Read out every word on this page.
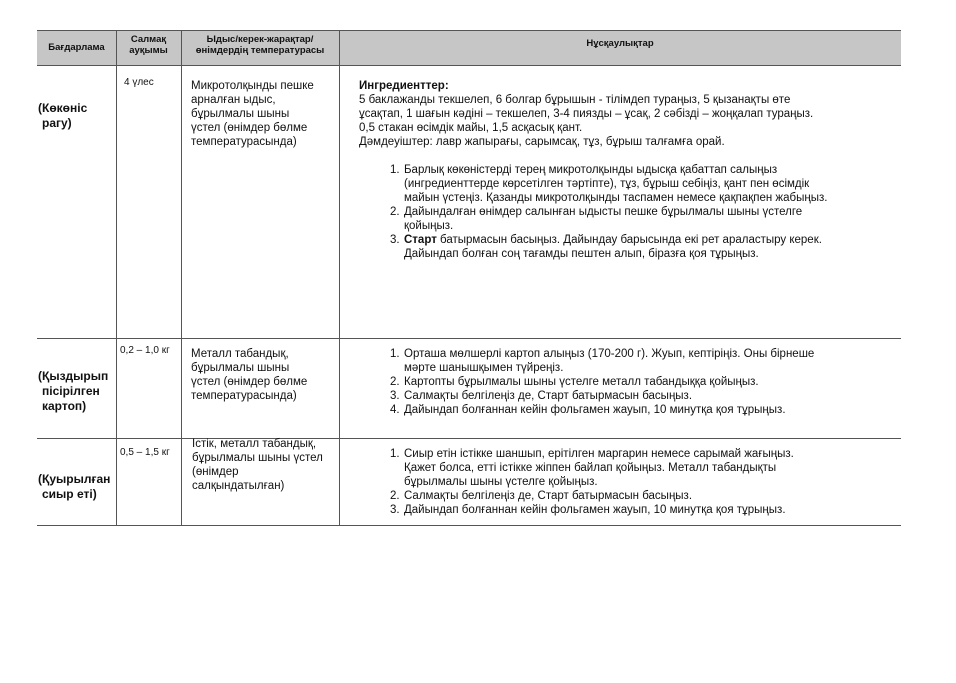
Бағдарлама
Салмақ
ауқымы
Ыдыс/керек-жарақтар/
өнімдердің температурасы
Нұсқаулықтар
(Көкөніс
рагу)
4 үлес	Микротолқынды пешке
арналған ыдыс,
бұрылмалы шыны
үстел (өнімдер бөлме
температурасында)
Ингредиенттер:
5 баклажанды текшелеп, 6 болгар бұрышын - тілімдеп тураңыз, 5 қызанақты өте
ұсақтап, 1 шағын кәдіні – текшелеп, 3-4 пиязды – ұсақ, 2 сәбізді – жоңқалап тураңыз.
0,5 стакан өсімдік майы, 1,5 асқасық қант.
Дәмдеуіштер: лавр жапырағы, сарымсақ, тұз, бұрыш талғамға орай.
1. Барлық көкөністерді терең микротолқынды ыдысқа қабаттап салыңыз
(ингредиенттерде көрсетілген тәртіпте), тұз, бұрыш себіңіз, қант пен өсімдік
майын үстеңіз. Қазанды микротолқынды таспамен немесе қақпақпен жабыңыз.
2. Дайындалған өнімдер салынған ыдысты пешке бұрылмалы шыны үстелге
қойыңыз.
3. Старт батырмасын басыңыз. Дайындау барысында екі рет араластыру керек.
Дайындап болған соң тағамды пештен алып, біразға қоя тұрыңыз.
(Қыздырып
пісірілген
картоп)
0,2 – 1,0 кг Металл табандық,
бұрылмалы шыны
үстел (өнімдер бөлме
температурасында)
1. Орташа мөлшерлі картоп алыңыз (170-200 г). Жуып, кептіріңіз. Оны бірнеше
мәрте шанышқымен түйреңіз.
2. Картопты бұрылмалы шыны үстелге металл табандыққа қойыңыз.
3. Салмақты белгілеңіз де, Старт батырмасын басыңыз.
4. Дайындап болғаннан кейін фольгамен жауып, 10 минутқа қоя тұрыңыз.
(Қуырылған
сиыр еті)
0,5 – 1,5 кг
Істік, металл табандық,
бұрылмалы шыны үстел
(өнімдер
салқындатылған)
1. Сиыр етін істікке шаншып, ерітілген маргарин немесе сарымай жағыңыз.
Қажет болса, етті істікке жіппен байлап қойыңыз. Металл табандықты
бұрылмалы шыны үстелге қойыңыз.
2. Салмақты белгілеңіз де, Старт батырмасын басыңыз.
3. Дайындап болғаннан кейін фольгамен жауып, 10 минутқа қоя тұрыңыз.
